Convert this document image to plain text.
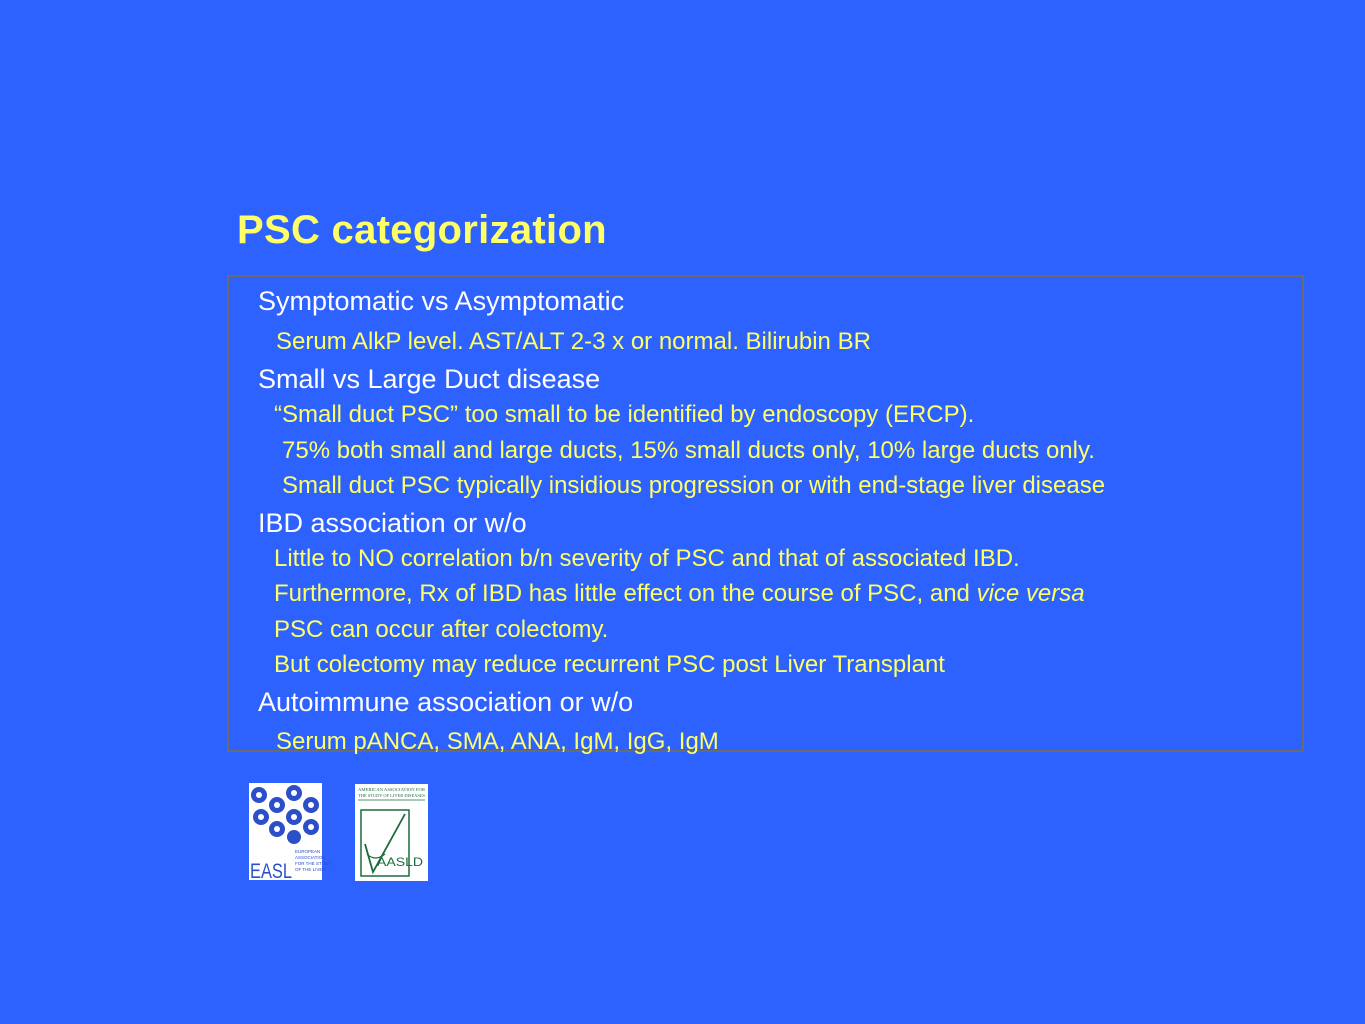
PSC categorization
Symptomatic vs Asymptomatic
Serum AlkP level. AST/ALT 2-3 x or normal. Bilirubin BR
Small vs Large Duct disease
“Small duct PSC” too small to be identified by endoscopy (ERCP).
75% both small and large ducts, 15% small ducts only, 10% large ducts only.
Small duct PSC typically insidious progression or with end-stage liver disease
IBD association or w/o
Little to NO correlation b/n severity of PSC and that of associated IBD.
Furthermore, Rx of IBD has little effect on the course of PSC, and vice versa
PSC can occur after colectomy.
But colectomy may reduce recurrent PSC post Liver Transplant
Autoimmune association or w/o
Serum pANCA, SMA, ANA, IgM, IgG, IgM
EASL
EUROPEAN
ASSOCIATION
FOR THE STUDY
OF THE LIVER
AMERICAN ASSOCIATION FOR
THE STUDY OF LIVER DISEASES
AASLD
